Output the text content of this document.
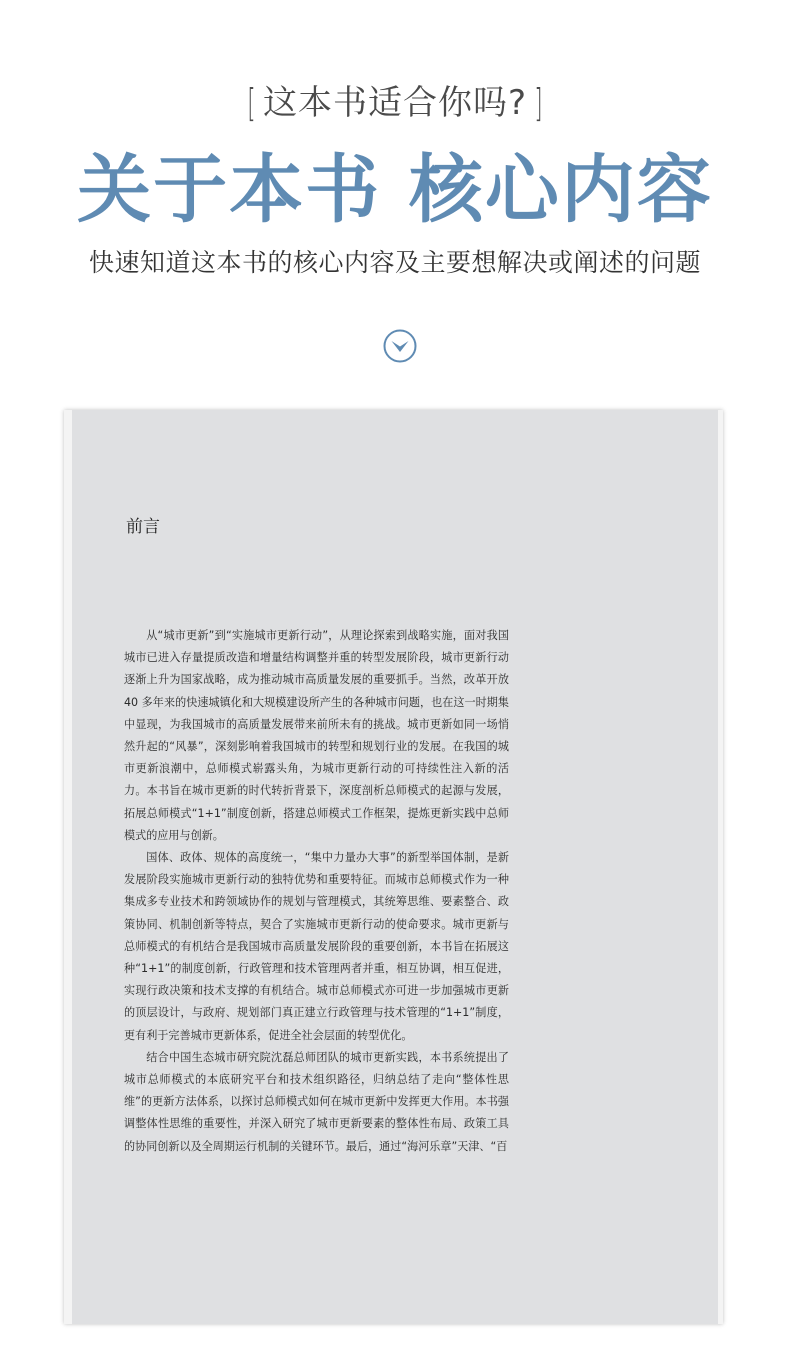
[ 这本书适合你吗? ]
关于本书 核心内容
快速知道这本书的核心内容及主要想解决或阐述的问题
前言

从“城市更新”到“实施城市更新行动”，从理论探索到战略实施，面对我国城市已进入存量提质改造和增量结构调整并重的转型发展阶段，城市更新行动逐渐上升为国家战略，成为推动城市高质量发展的重要抓手。当然，改革开放 40 多年来的快速城镇化和大规模建设所产生的各种城市问题，也在这一时期集中显现，为我国城市的高质量发展带来前所未有的挑战。城市更新如同一场悄然升起的“风暴”，深刻影响着我国城市的转型和规划行业的发展。在我国的城市更新浪潮中，总师模式崭露头角，为城市更新行动的可持续性注入新的活力。本书旨在城市更新的时代转折背景下，深度剖析总师模式的起源与发展，拓展总师模式“1+1”制度创新，搭建总师模式工作框架，提炼更新实践中总师模式的应用与创新。

国体、政体、规体的高度统一，“集中力量办大事”的新型举国体制，是新发展阶段实施城市更新行动的独特优势和重要特征。而城市总师模式作为一种集成多专业技术和跨领域协作的规划与管理模式，其统筹思维、要素整合、政策协同、机制创新等特点，契合了实施城市更新行动的使命要求。城市更新与总师模式的有机结合是我国城市高质量发展阶段的重要创新，本书旨在拓展这种“1+1”的制度创新，行政管理和技术管理两者并重，相互协调，相互促进，实现行政决策和技术支撑的有机结合。城市总师模式亦可进一步加强城市更新的顶层设计，与政府、规划部门真正建立行政管理与技术管理的“1+1”制度，更有利于完善城市更新体系，促进全社会层面的转型优化。

结合中国生态城市研究院沈磊总师团队的城市更新实践，本书系统提出了城市总师模式的本底研究平台和技术组织路径，归纳总结了走向“整体性思维”的更新方法体系，以探讨总师模式如何在城市更新中发挥更大作用。本书强调整体性思维的重要性，并深入研究了城市更新要素的整体性布局、政策工具的协同创新以及全周期运行机制的关键环节。最后，通过“海河乐章”天津、“百
